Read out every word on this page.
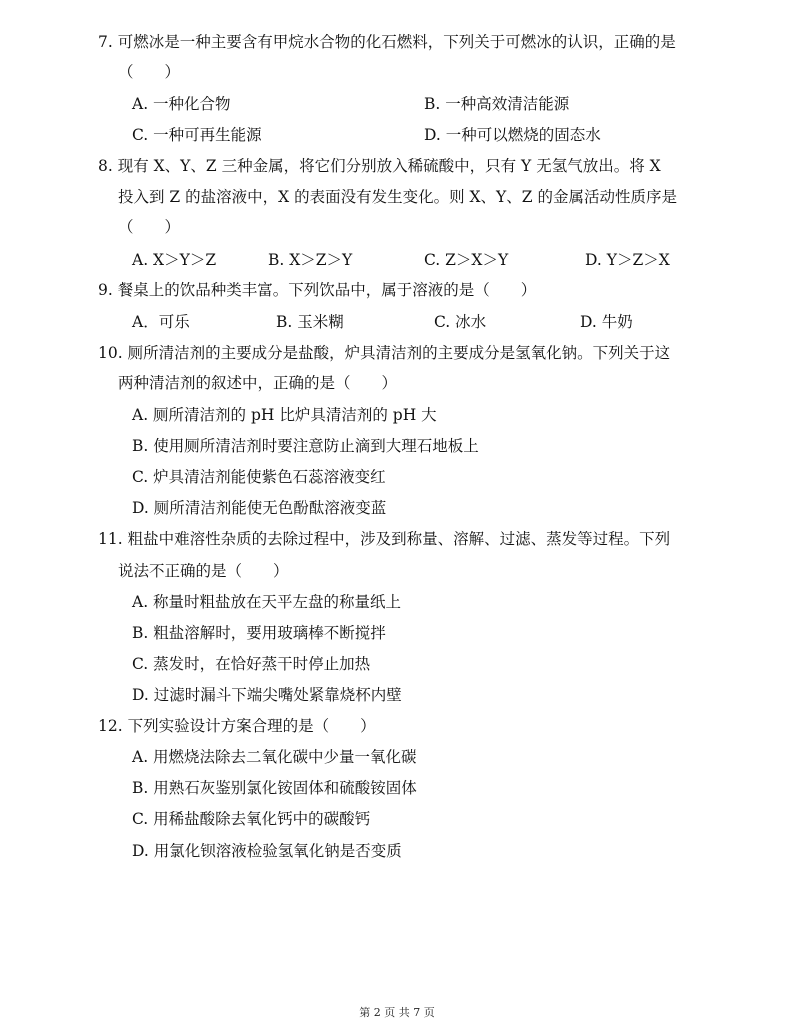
7. 可燃冰是一种主要含有甲烷水合物的化石燃料，下列关于可燃冰的认识，正确的是
（　　）
A. 一种化合物	B. 一种高效清洁能源
C. 一种可再生能源	D. 一种可以燃烧的固态水
8. 现有 X、Y、Z 三种金属，将它们分别放入稀硫酸中，只有 Y 无氢气放出。将 X
投入到 Z 的盐溶液中，X 的表面没有发生变化。则 X、Y、Z 的金属活动性质序是
（　　）
A. X＞Y＞Z	B. X＞Z＞Y	C. Z＞X＞Y	D. Y＞Z＞X
9. 餐桌上的饮品种类丰富。下列饮品中，属于溶液的是（　　）
A．可乐	B. 玉米糊	C. 冰水	D. 牛奶
10. 厕所清洁剂的主要成分是盐酸，炉具清洁剂的主要成分是氢氧化钠。下列关于这
两种清洁剂的叙述中，正确的是（　　）
A. 厕所清洁剂的 pH 比炉具清洁剂的 pH 大
B. 使用厕所清洁剂时要注意防止滴到大理石地板上
C. 炉具清洁剂能使紫色石蕊溶液变红
D. 厕所清洁剂能使无色酚酞溶液变蓝
11. 粗盐中难溶性杂质的去除过程中，涉及到称量、溶解、过滤、蒸发等过程。下列
说法不正确的是（　　）
A. 称量时粗盐放在天平左盘的称量纸上
B. 粗盐溶解时，要用玻璃棒不断搅拌
C. 蒸发时，在恰好蒸干时停止加热
D. 过滤时漏斗下端尖嘴处紧靠烧杯内壁
12. 下列实验设计方案合理的是（　　）
A. 用燃烧法除去二氧化碳中少量一氧化碳
B. 用熟石灰鉴别氯化铵固体和硫酸铵固体
C. 用稀盐酸除去氧化钙中的碳酸钙
D. 用氯化钡溶液检验氢氧化钠是否变质
第 2 页 共 7 页
